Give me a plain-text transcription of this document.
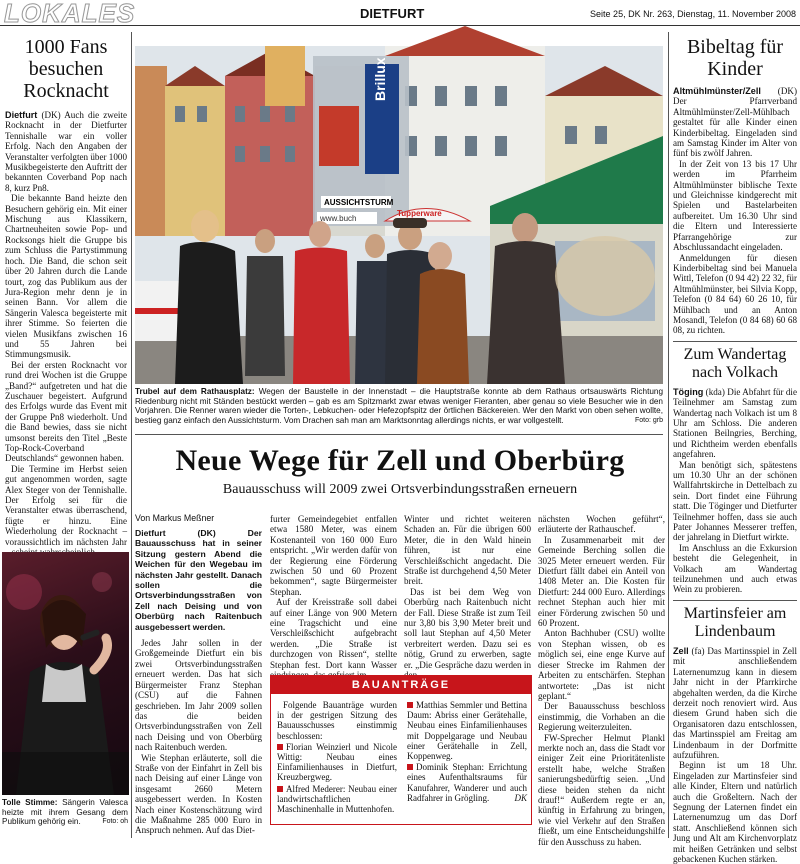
LOKALES	DIETFURT	Seite 25, DK Nr. 263, Dienstag, 11. November 2008
1000 Fans besuchen Rocknacht

Dietfurt (DK) Auch die zweite Rocknacht in der Dietfurter Tennishalle war ein voller Erfolg. Nach den Angaben der Veranstalter verfolgten über 1000 Musikbegeisterte den Auftritt der bekannten Coverband Pop nach 8, kurz Pn8.

Die bekannte Band heizte den Besuchern gehörig ein. Mit einer Mischung aus Klassikern, Chartneuheiten sowie Pop- und Rocksongs hielt die Gruppe bis zum Schluss die Partystimmung hoch. Die Band, die schon seit über 20 Jahren durch die Lande tourt, zog das Publikum aus der Jura-Region mehr denn je in seinen Bann. Vor allem die Sängerin Valesca begeisterte mit ihrer Stimme. So feierten die vielen Musikfans zwischen 16 und 55 Jahren bei Stimmungsmusik.

Bei der ersten Rocknacht vor rund drei Wochen ist die Gruppe „Band?“ aufgetreten und hat die Zuschauer begeistert. Aufgrund des Erfolgs wurde das Event mit der Gruppe Pn8 wiederholt. Und die Band bewies, dass sie nicht umsonst bereits den Titel „Beste Top-Rock-Coverband Deutschlands“ gewonnen haben.

Die Termine im Herbst seien gut angenommen worden, sagte Alex Steger von der Tennishalle. Der Erfolg sei für die Veranstalter etwas überraschend, fügte er hinzu. Eine Wiederholung der Rocknacht – voraussichtlich im nächsten Jahr

Tolle Stimme: Sängerin Valesca heizte mit ihrem Gesang dem Publikum gehörig ein.	Foto: oh
Brillux
AUSSICHTSTURM
www.buch
Tupperware
Trubel auf dem Rathausplatz: Wegen der Baustelle in der Innenstadt – die Hauptstraße konnte ab dem Rathaus ortsauswärts Richtung Riedenburg nicht mit Ständen bestückt werden – gab es am Spitzmarkt zwar etwas weniger Fieranten, aber genau so viele Besucher wie in den Vorjahren. Die Renner waren wieder die Torten-, Lebkuchen- oder Hefezopfspitz der örtlichen Bäckereien. Wer den Markt von oben sehen wollte, bestieg ganz einfach den Aussichtsturm. Vom Drachen sah man am Marktsonntag allerdings nichts, er war vollgestellt.	Foto: grb
Neue Wege für Zell und Oberbürg
Bauausschuss will 2009 zwei Ortsverbindungsstraßen erneuern
Von Markus Meßner

Dietfurt (DK) Der Bauausschuss hat in seiner Sitzung gestern Abend die Weichen für den Wegebau im nächsten Jahr gestellt. Danach sollen die Ortsverbindungsstraßen von Zell nach Deising und von Oberbürg nach Raitenbuch ausgebessert werden.

Jedes Jahr sollen in der Großgemeinde Dietfurt ein bis zwei Ortsverbindungsstraßen erneuert werden. Das hat sich Bürgermeister Franz Stephan (CSU) auf die Fahnen geschrieben. Im Jahr 2009 sollen das die beiden Ortsverbindungsstraßen von Zell nach Deising und von Oberbürg nach Raitenbuch werden.

Wie Stephan erläuterte, soll die Straße von der Einfahrt in Zell bis nach Deising auf einer Länge von insgesamt 2660 Metern ausgebessert werden. In Kosten Nach einer Kostenschätzung wird die Maßnahme 285 000 Euro in Anspruch nehmen. Auf das Diet-

furter Gemeindegebiet entfallen etwa 1580 Meter, was einem Kostenanteil von 160 000 Euro entspricht. „Wir werden dafür von der Regierung eine Förderung zwischen 50 und 60 Prozent bekommen“, sagte Bürgermeister Stephan.

Auf der Kreisstraße soll dabei auf einer Länge von 900 Metern eine Tragschicht und eine Verschleißschicht aufgebracht werden. „Die Straße ist durchzogen von Rissen“, stellte Stephan fest. Dort kann Wasser

Winter und richtet weiteren Schaden an. Für die übrigen 600 Meter, die in den Wald hinein führen, ist nur eine Verschleißschicht angedacht. Die Straße ist durchgehend 4,50 Meter breit.

Das ist bei dem Weg von Oberbürg nach Raitenbuch nicht der Fall. Diese Straße ist zum Teil nur 3,80 bis 3,90 Meter breit und soll laut Stephan auf 4,50 Meter verbreitert werden. Dazu sei es nötig, Grund zu erwerben, sagte er. „Die Gespräche dazu werden in

nächsten Wochen geführt“, erläuterte der Rathauschef.

In Zusammenarbeit mit der Gemeinde Berching sollen die 3025 Meter erneuert werden. Für Dietfurt fällt dabei ein Anteil von 1408 Meter an. Die Kosten für Dietfurt: 244 000 Euro. Allerdings rechnet Stephan auch hier mit einer Förderung zwischen 50 und 60 Prozent.

Anton Bachhuber (CSU) wollte von Stephan wissen, ob es möglich sei, eine enge Kurve auf dieser Strecke im Rahmen der Arbeiten zu entschärfen. Stephan antwortete: „Das ist nicht geplant.“

Der Bauausschuss beschloss einstimmig, die Vorhaben an die Regierung weiterzuleiten.

FW-Sprecher Helmut Plankl merkte noch an, dass die Stadt vor einiger Zeit eine Prioritätenliste erstellt habe, welche Straßen sanierungsbedürftig seien. „Und diese beiden stehen da nicht drauf!“ Außerdem regte er an, künftig in Erfahrung zu bringen, wie viel Verkehr auf den Straßen fließt, um eine Entscheidungshilfe für den Ausschuss zu haben.

BAUANTRÄGE

Folgende Bauanträge wurden in der gestrigen Sitzung des Bauausschusses einstimmig beschlossen:

Florian Weinzierl und Nicole Wittig: Neubau eines Einfamilienhauses in Dietfurt, Kreuzbergweg.

Alfred Mederer: Neubau einer landwirtschaftlichen Maschinenhalle in Muttenhofen.

Matthias Semmler und Bettina Daum: Abriss einer Gerätehalle, Neubau eines Einfamilienhauses mit Doppelgarage und Neubau einer Gerätehalle in Zell, Koppenweg.

Dominik Stephan: Errichtung eines Aufenthaltsraums für Kanufahrer, Wanderer und auch Radfahrer in Grögling.	DK

Bibeltag für Kinder

Altmühlmünster/Zell (DK) Der Pfarrverband Altmühlmünster/Zell-Mühlbach gestaltet für alle Kinder einen Kinderbibeltag. Eingeladen sind am Samstag Kinder im Alter von fünf bis zwölf Jahren.

In der Zeit von 13 bis 17 Uhr werden im Pfarrheim Altmühlmünster biblische Texte und Gleichnisse kindgerecht mit Spielen und Bastelarbeiten aufbereitet. Um 16.30 Uhr sind die Eltern und Interessierte Pfarrangehörige zur Abschlussandacht eingeladen.

Anmeldungen für diesen Kinderbibeltag sind bei Manuela Wittl, Telefon (0 94 42) 22 32, für Altmühlmünster, bei Silvia Kopp, Telefon (0 84 64) 60 26 10, für Mühlbach und an Anton Mosandl, Telefon (0 84 68) 60 68 08, zu richten.

Zum Wandertag nach Volkach

Töging (kda) Die Abfahrt für die Teilnehmer am Samstag zum Wandertag nach Volkach ist um 8 Uhr am Schloss. Die anderen Stationen Beilngries, Berching, und Richtheim werden ebenfalls angefahren.

Man benötigt sich, spätestens um 10.30 Uhr an der schönen Wallfahrtskirche in Dettelbach zu sein. Dort findet eine Führung statt. Die Töginger und Dietfurter Teilnehmer hoffen, dass sie auch Pater Johannes Messerer treffen, der jahrelang in Dietfurt wirkte.

Im Anschluss an die Exkursion besteht die Gelegenheit, in Volkach am Wandertag teilzunehmen und auch etwas Wein zu probieren.

Martinsfeier am Lindenbaum

Zell (fa) Das Martinsspiel in Zell mit anschließendem Laternenumzug kann in diesem Jahr nicht in der Pfarrkirche abgehalten werden, da die Kirche derzeit noch renoviert wird. Aus diesem Grund haben sich die Organisatoren dazu entschlossen, das Martinsspiel am Freitag am Lindenbaum in der Dorfmitte aufzuführen.

Beginn ist um 18 Uhr. Eingeladen zur Martinsfeier sind alle Kinder, Eltern und natürlich auch die Großeltern. Nach der Segnung der Laternen findet ein Laternenumzug um das Dorf statt. Anschließend können sich Jung und Alt am Kirchenvorplatz mit heißen Getränken und selbst gebackenen Kuchen stärken.
